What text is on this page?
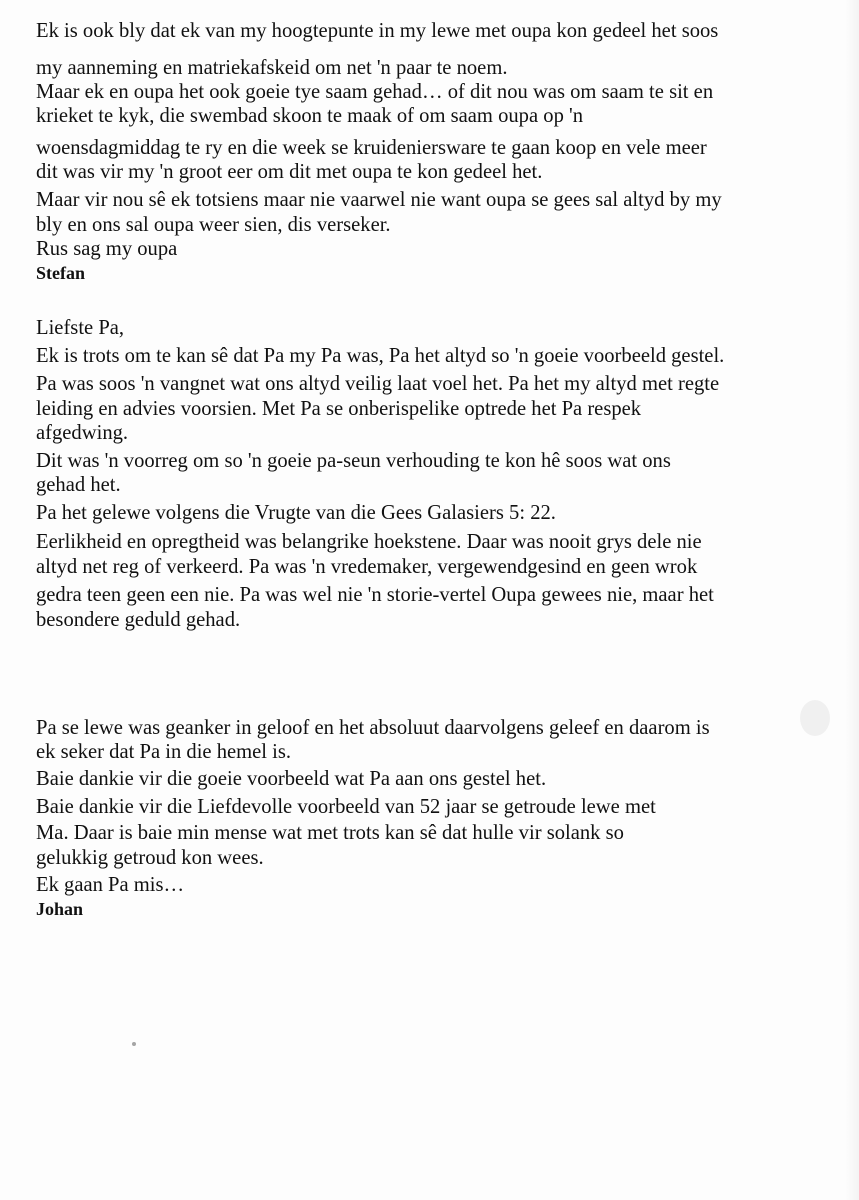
Ek is ook bly dat ek van my hoogtepunte in my lewe met oupa kon gedeel het soos

my aanneming en matriekafskeid om net 'n paar te noem.

Maar ek en oupa het ook goeie tye saam gehad… of dit nou was om saam te sit en

krieket te kyk, die swembad skoon te maak of om saam oupa op 'n

woensdagmiddag te ry en die week se kruideniersware te gaan koop en vele meer

dit was vir my 'n groot eer om dit met oupa te kon gedeel het.

Maar vir nou sê ek totsiens maar nie vaarwel nie want oupa se gees sal altyd by my

bly en ons sal oupa weer sien, dis verseker.

Rus sag my oupa

Stefan

Liefste Pa,

Ek is trots om te kan sê dat Pa my Pa was, Pa het altyd so 'n goeie voorbeeld gestel.

Pa was soos 'n vangnet wat ons altyd veilig laat voel het. Pa het my altyd met regte

leiding en advies voorsien. Met Pa se onberispelike optrede het Pa respek

afgedwing.

Dit was 'n voorreg om so 'n goeie pa-seun verhouding te kon hê soos wat ons

gehad het.

Pa het gelewe volgens die Vrugte van die Gees Galasiers 5: 22.

Eerlikheid en opregtheid was belangrike hoekstene. Daar was nooit grys dele nie

altyd net reg of verkeerd. Pa was 'n vredemaker, vergewendgesind en geen wrok

gedra teen geen een nie. Pa was wel nie 'n storie-vertel Oupa gewees nie, maar het

besondere geduld gehad.

Pa se lewe was geanker in geloof en het absoluut daarvolgens geleef en daarom is

ek seker dat Pa in die hemel is.

Baie dankie vir die goeie voorbeeld wat Pa aan ons gestel het.

Baie dankie vir die Liefdevolle voorbeeld van 52 jaar se getroude lewe met

Ma. Daar is baie min mense wat met trots kan sê dat hulle vir solank so

gelukkig getroud kon wees.

Ek gaan Pa mis…

Johan
